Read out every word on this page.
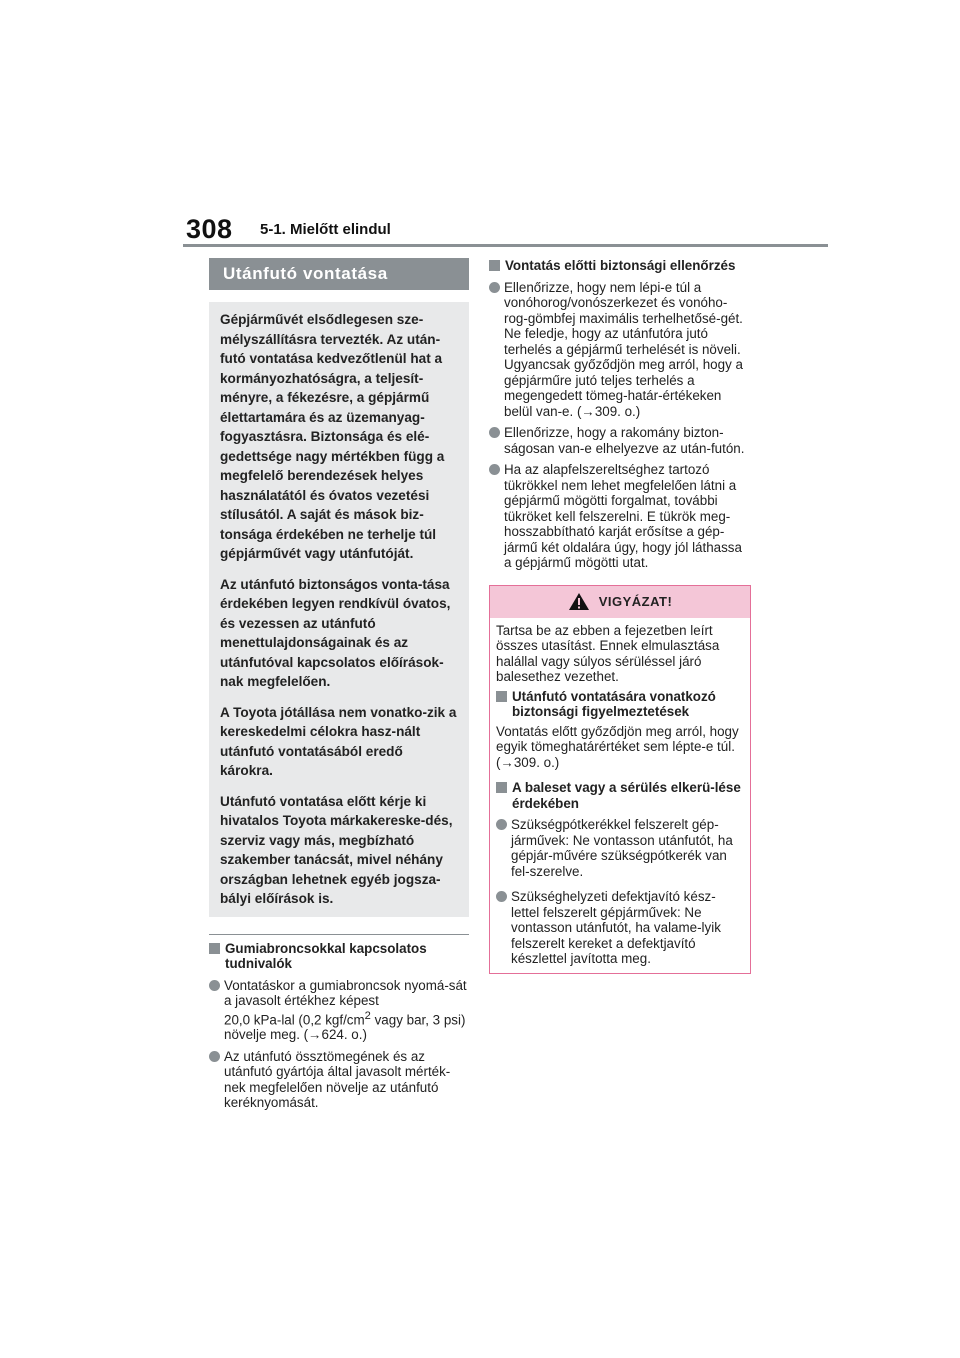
308 5-1. Mielőtt elindul
Utánfutó vontatása

Gépjárművét elsődlegesen sze-mélyszállításra tervezték. Az után-futó vontatása kedvezőtlenül hat a kormányozhatóságra, a teljesít-ményre, a fékezésre, a gépjármű élettartamára és az üzemanyag-fogyasztásra. Biztonsága és elé-gedettsége nagy mértékben függ a megfelelő berendezések helyes használatától és óvatos vezetési stílusától. A saját és mások biz-tonsága érdekében ne terhelje túl gépjárművét vagy utánfutóját.

Az utánfutó biztonságos vonta-tása érdekében legyen rendkívül óvatos, és vezessen az utánfutó menettulajdonságainak és az utánfutóval kapcsolatos előírások-nak megfelelően.

A Toyota jótállása nem vonatko-zik a kereskedelmi célokra hasz-nált utánfutó vontatásából eredő károkra.

Utánfutó vontatása előtt kérje ki hivatalos Toyota márkakereske-dés, szerviz vagy más, megbízható szakember tanácsát, mivel néhány országban lehetnek egyéb jogsza-bályi előírások is.

Gumiabroncsokkal kapcsolatos tudnivalók
Vontatáskor a gumiabroncsok nyomá-sát a javasolt értékhez képest
20,0 kPa-lal (0,2 kgf/$cm^2$ vagy bar, 3 psi) növelje meg. (→624. o.)
Az utánfutó össztömegének és az utánfutó gyártója által javasolt mérték-nek megfelelően növelje az utánfutó keréknyomását.
Vontatás előtti biztonsági ellenőrzés
Ellenőrizze, hogy nem lépi-e túl a vonóhorog/vonószerkezet és vonóho-rog-gömbfej maximális terhelhetősé-gét. Ne feledje, hogy az utánfutóra jutó terhelés a gépjármű terhelését is növeli. Ugyancsak győződjön meg arról, hogy a gépjárműre jutó teljes terhelés a megengedett tömeg-határ-értékeken belül van-e. (→309. o.)
Ellenőrizze, hogy a rakomány bizton-ságosan van-e elhelyezve az után-futón.
Ha az alapfelszereltséghez tartozó tükrökkel nem lehet megfelelően látni a gépjármű mögötti forgalmat, további tükröket kell felszerelni. E tükrök meg-hosszabbítható karját erősítse a gép-jármű két oldalára úgy, hogy jól láthassa a gépjármű mögötti utat.
VIGYÁZAT!

Tartsa be az ebben a fejezetben leírt összes utasítást. Ennek elmulasztása halállal vagy súlyos sérüléssel járó balesethez vezethet.

Utánfutó vontatására vonatkozó biztonsági figyelmeztetések

Vontatás előtt győződjön meg arról, hogy egyik tömeghatárértéket sem lépte-e túl. (→309. o.)

A baleset vagy a sérülés elkerü-lése érdekében
Szükségpótkerékkel felszerelt gép-járművek: Ne vontasson utánfutót, ha gépjár-művére szükségpótkerék van fel-szerelve.
Szükséghelyzeti defektjavító kész-lettel felszerelt gépjárművek: Ne vontasson utánfutót, ha valame-lyik felszerelt kereket a defektjavító készlettel javította meg.
